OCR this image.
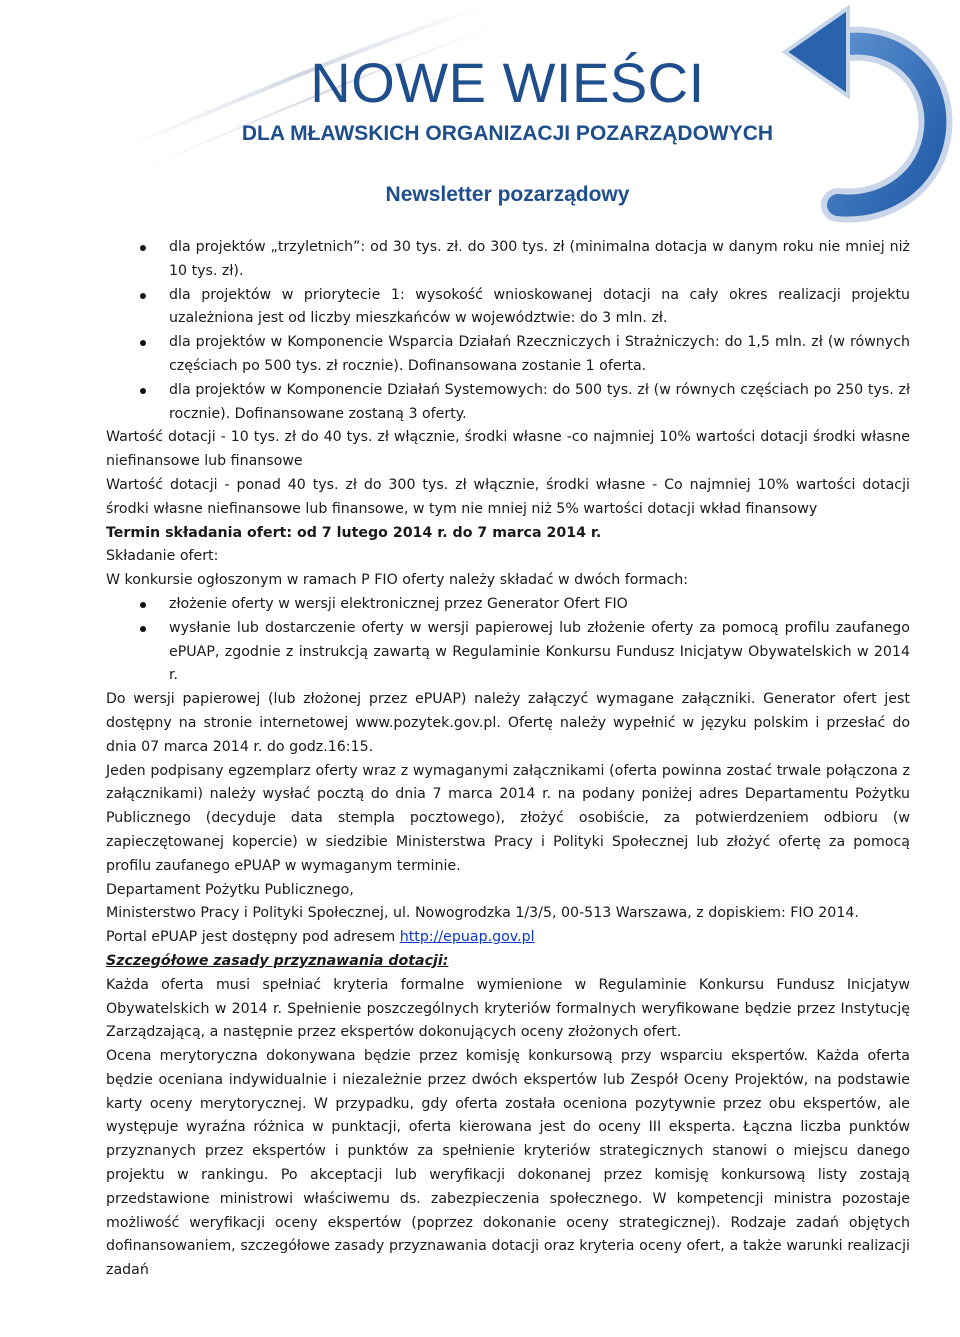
NOWE WIEŚCI
DLA MŁAWSKICH ORGANIZACJI POZARZĄDOWYCH
Newsletter pozarządowy
dla projektów „trzyletnich”: od 30 tys. zł. do 300 tys. zł (minimalna dotacja w danym roku nie mniej niż 10 tys. zł).
dla projektów w priorytecie 1: wysokość wnioskowanej dotacji na cały okres realizacji projektu uzależniona jest od liczby mieszkańców w województwie: do 3 mln. zł.
dla projektów w Komponencie Wsparcia Działań Rzeczniczych i Strażniczych: do 1,5 mln. zł (w równych częściach po 500 tys. zł rocznie). Dofinansowana zostanie 1 oferta.
dla projektów w Komponencie Działań Systemowych: do 500 tys. zł (w równych częściach po 250 tys. zł rocznie). Dofinansowane zostaną 3 oferty.

Wartość dotacji - 10 tys. zł do 40 tys. zł włącznie, środki własne -co najmniej 10% wartości dotacji środki własne niefinansowe lub finansowe

Wartość dotacji - ponad 40 tys. zł do 300 tys. zł włącznie, środki własne - Co najmniej 10% wartości dotacji środki własne niefinansowe lub finansowe, w tym nie mniej niż 5% wartości dotacji wkład finansowy

Termin składania ofert: od 7 lutego 2014 r. do 7 marca 2014 r.

Składanie ofert:

W konkursie ogłoszonym w ramach P FIO oferty należy składać w dwóch formach:

złożenie oferty w wersji elektronicznej przez Generator Ofert FIO
wysłanie lub dostarczenie oferty w wersji papierowej lub złożenie oferty za pomocą profilu zaufanego ePUAP, zgodnie z instrukcją zawartą w Regulaminie Konkursu Fundusz Inicjatyw Obywatelskich w 2014 r.

Do wersji papierowej (lub złożonej przez ePUAP) należy załączyć wymagane załączniki. Generator ofert jest dostępny na stronie internetowej www.pozytek.gov.pl. Ofertę należy wypełnić w języku polskim i przesłać do dnia 07 marca 2014 r. do godz.16:15.

Jeden podpisany egzemplarz oferty wraz z wymaganymi załącznikami (oferta powinna zostać trwale połączona z załącznikami) należy wysłać pocztą do dnia 7 marca 2014 r. na podany poniżej adres Departamentu Pożytku Publicznego (decyduje data stempla pocztowego), złożyć osobiście, za potwierdzeniem odbioru (w zapieczętowanej kopercie) w siedzibie Ministerstwa Pracy i Polityki Społecznej lub złożyć ofertę za pomocą profilu zaufanego ePUAP w wymaganym terminie.

Departament Pożytku Publicznego,

Ministerstwo Pracy i Polityki Społecznej, ul. Nowogrodzka 1/3/5, 00-513 Warszawa, z dopiskiem: FIO 2014.

Portal ePUAP jest dostępny pod adresem http://epuap.gov.pl

Szczegółowe zasady przyznawania dotacji:

Każda oferta musi spełniać kryteria formalne wymienione w Regulaminie Konkursu Fundusz Inicjatyw Obywatelskich w 2014 r. Spełnienie poszczególnych kryteriów formalnych weryfikowane będzie przez Instytucję Zarządzającą, a następnie przez ekspertów dokonujących oceny złożonych ofert.

Ocena merytoryczna dokonywana będzie przez komisję konkursową przy wsparciu ekspertów. Każda oferta będzie oceniana indywidualnie i niezależnie przez dwóch ekspertów lub Zespół Oceny Projektów, na podstawie karty oceny merytorycznej. W przypadku, gdy oferta została oceniona pozytywnie przez obu ekspertów, ale występuje wyraźna różnica w punktacji, oferta kierowana jest do oceny III eksperta. Łączna liczba punktów przyznanych przez ekspertów i punktów za spełnienie kryteriów strategicznych stanowi o miejscu danego projektu w rankingu. Po akceptacji lub weryfikacji dokonanej przez komisję konkursową listy zostają przedstawione ministrowi właściwemu ds. zabezpieczenia społecznego. W kompetencji ministra pozostaje możliwość weryfikacji oceny ekspertów (poprzez dokonanie oceny strategicznej). Rodzaje zadań objętych dofinansowaniem, szczegółowe zasady przyznawania dotacji oraz kryteria oceny ofert, a także warunki realizacji zadań
